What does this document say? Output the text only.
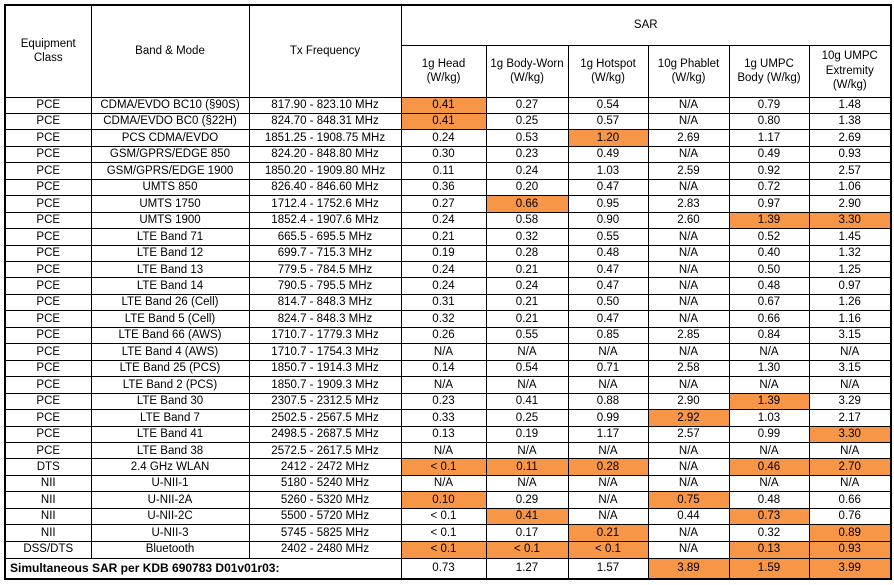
Equipment Class	Band & Mode	Tx Frequency	SAR					
			1g Head (W/kg)	1g Body-Worn (W/kg)	1g Hotspot (W/kg)	10g Phablet (W/kg)	1g UMPC Body (W/kg)	10g UMPC Extremity (W/kg)
PCE	CDMA/EVDO BC10 (§90S)	817.90 - 823.10 MHz	0.41	0.27	0.54	N/A	0.79	1.48
PCE	CDMA/EVDO BC0 (§22H)	824.70 - 848.31 MHz	0.41	0.25	0.57	N/A	0.80	1.38
PCE	PCS CDMA/EVDO	1851.25 - 1908.75 MHz	0.24	0.53	1.20	2.69	1.17	2.69
PCE	GSM/GPRS/EDGE 850	824.20 - 848.80 MHz	0.30	0.23	0.49	N/A	0.49	0.93
PCE	GSM/GPRS/EDGE 1900	1850.20 - 1909.80 MHz	0.11	0.24	1.03	2.59	0.92	2.57
PCE	UMTS 850	826.40 - 846.60 MHz	0.36	0.20	0.47	N/A	0.72	1.06
PCE	UMTS 1750	1712.4 - 1752.6 MHz	0.27	0.66	0.95	2.83	0.97	2.90
PCE	UMTS 1900	1852.4 - 1907.6 MHz	0.24	0.58	0.90	2.60	1.39	3.30
PCE	LTE Band 71	665.5 - 695.5 MHz	0.21	0.32	0.55	N/A	0.52	1.45
PCE	LTE Band 12	699.7 - 715.3 MHz	0.19	0.28	0.48	N/A	0.40	1.32
PCE	LTE Band 13	779.5 - 784.5 MHz	0.24	0.21	0.47	N/A	0.50	1.25
PCE	LTE Band 14	790.5 - 795.5 MHz	0.24	0.24	0.47	N/A	0.48	0.97
PCE	LTE Band 26 (Cell)	814.7 - 848.3 MHz	0.31	0.21	0.50	N/A	0.67	1.26
PCE	LTE Band 5 (Cell)	824.7 - 848.3 MHz	0.32	0.21	0.47	N/A	0.66	1.16
PCE	LTE Band 66 (AWS)	1710.7 - 1779.3 MHz	0.26	0.55	0.85	2.85	0.84	3.15
PCE	LTE Band 4 (AWS)	1710.7 - 1754.3 MHz	N/A	N/A	N/A	N/A	N/A	N/A
PCE	LTE Band 25 (PCS)	1850.7 - 1914.3 MHz	0.14	0.54	0.71	2.58	1.30	3.15
PCE	LTE Band 2 (PCS)	1850.7 - 1909.3 MHz	N/A	N/A	N/A	N/A	N/A	N/A
PCE	LTE Band 30	2307.5 - 2312.5 MHz	0.23	0.41	0.88	2.90	1.39	3.29
PCE	LTE Band 7	2502.5 - 2567.5 MHz	0.33	0.25	0.99	2.92	1.03	2.17
PCE	LTE Band 41	2498.5 - 2687.5 MHz	0.13	0.19	1.17	2.57	0.99	3.30
PCE	LTE Band 38	2572.5 - 2617.5 MHz	N/A	N/A	N/A	N/A	N/A	N/A
DTS	2.4 GHz WLAN	2412 - 2472 MHz	< 0.1	0.11	0.28	N/A	0.46	2.70
NII	U-NII-1	5180 - 5240 MHz	N/A	N/A	N/A	N/A	N/A	N/A
NII	U-NII-2A	5260 - 5320 MHz	0.10	0.29	N/A	0.75	0.48	0.66
NII	U-NII-2C	5500 - 5720 MHz	< 0.1	0.41	N/A	0.44	0.73	0.76
NII	U-NII-3	5745 - 5825 MHz	< 0.1	0.17	0.21	N/A	0.32	0.89
DSS/DTS	Bluetooth	2402 - 2480 MHz	< 0.1	< 0.1	< 0.1	N/A	0.13	0.93
Simultaneous SAR per KDB 690783 D01v01r03:			0.73	1.27	1.57	3.89	1.59	3.99
